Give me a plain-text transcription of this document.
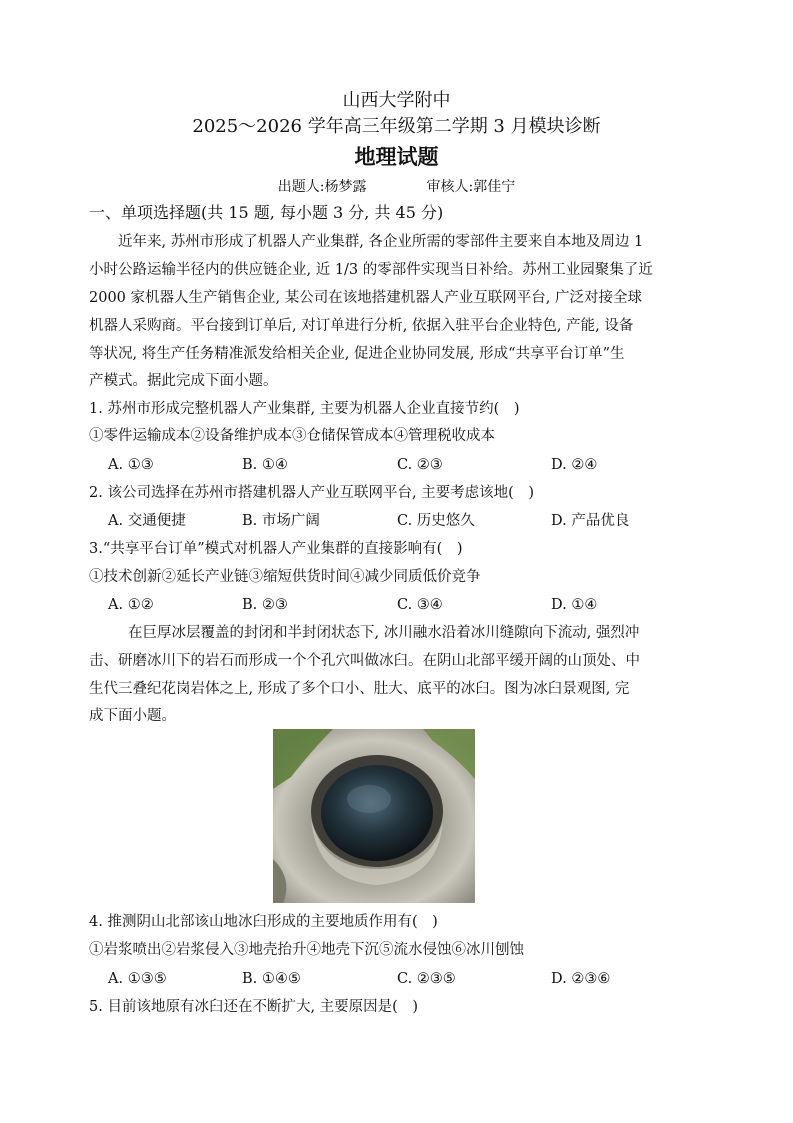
山西大学附中
2025～2026 学年高三年级第二学期 3 月模块诊断
地理试题
出题人:杨梦露	审核人:郭佳宁
一、单项选择题(共 15 题, 每小题 3 分, 共 45 分)
近年来, 苏州市形成了机器人产业集群, 各企业所需的零部件主要来自本地及周边 1
小时公路运输半径内的供应链企业, 近 1/3 的零部件实现当日补给。苏州工业园聚集了近
2000 家机器人生产销售企业, 某公司在该地搭建机器人产业互联网平台, 广泛对接全球
机器人采购商。平台接到订单后, 对订单进行分析, 依据入驻平台企业特色, 产能, 设备
等状况, 将生产任务精准派发给相关企业, 促进企业协同发展, 形成“共享平台订单”生
产模式。据此完成下面小题。
1. 苏州市形成完整机器人产业集群, 主要为机器人企业直接节约(　)
①零件运输成本②设备维护成本③仓储保管成本④管理税收成本
A. ①③	B. ①④	C. ②③	D. ②④
2. 该公司选择在苏州市搭建机器人产业互联网平台, 主要考虑该地(　)
A. 交通便捷	B. 市场广阔	C. 历史悠久	D. 产品优良
3.“共享平台订单”模式对机器人产业集群的直接影响有(　)
①技术创新②延长产业链③缩短供货时间④减少同质低价竞争
A. ①②	B. ②③	C. ③④	D. ①④
在巨厚冰层覆盖的封闭和半封闭状态下, 冰川融水沿着冰川缝隙向下流动, 强烈冲
击、研磨冰川下的岩石而形成一个个孔穴叫做冰臼。在阴山北部平缓开阔的山顶处、中
生代三叠纪花岗岩体之上, 形成了多个口小、肚大、底平的冰臼。图为冰臼景观图, 完
成下面小题。
4. 推测阴山北部该山地冰臼形成的主要地质作用有(　)
①岩浆喷出②岩浆侵入③地壳抬升④地壳下沉⑤流水侵蚀⑥冰川刨蚀
A. ①③⑤	B. ①④⑤	C. ②③⑤	D. ②③⑥
5. 目前该地原有冰臼还在不断扩大, 主要原因是(　)
